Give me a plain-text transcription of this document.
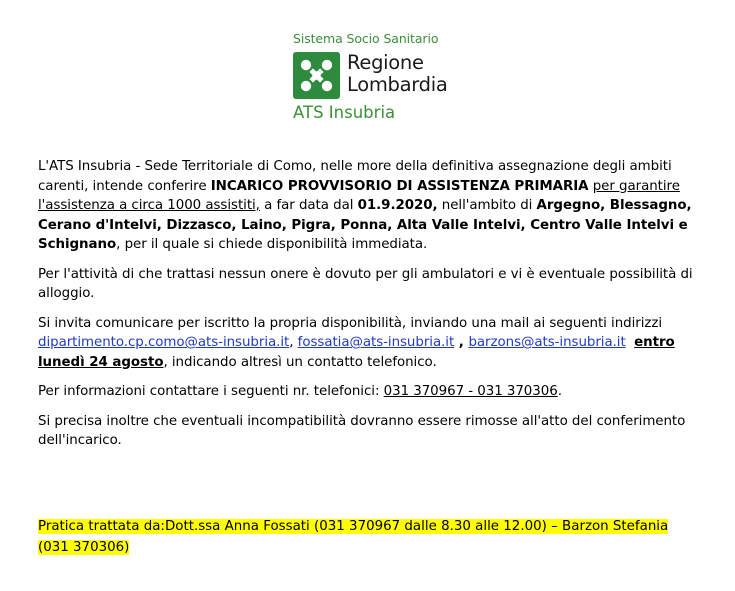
Sistema Socio Sanitario
Regione
Lombardia
ATS Insubria

L'ATS Insubria - Sede Territoriale di Como, nelle more della definitiva assegnazione degli ambiti carenti, intende conferire INCARICO PROVVISORIO DI ASSISTENZA PRIMARIA per garantire l'assistenza a circa 1000 assistiti, a far data dal 01.9.2020, nell'ambito di Argegno, Blessagno, Cerano d'Intelvi, Dizzasco, Laino, Pigra, Ponna, Alta Valle Intelvi, Centro Valle Intelvi e Schignano, per il quale si chiede disponibilità immediata.

Per l'attività di che trattasi nessun onere è dovuto per gli ambulatori e vi è eventuale possibilità di alloggio.

Si invita comunicare per iscritto la propria disponibilità, inviando una mail ai seguenti indirizzi dipartimento.cp.como@ats-insubria.it, fossatia@ats-insubria.it , barzons@ats-insubria.it entro lunedì 24 agosto, indicando altresì un contatto telefonico.

Per informazioni contattare i seguenti nr. telefonici: 031 370967 - 031 370306.

Si precisa inoltre che eventuali incompatibilità dovranno essere rimosse all'atto del conferimento dell'incarico.

Pratica trattata da:Dott.ssa Anna Fossati (031 370967 dalle 8.30 alle 12.00) – Barzon Stefania (031 370306)
